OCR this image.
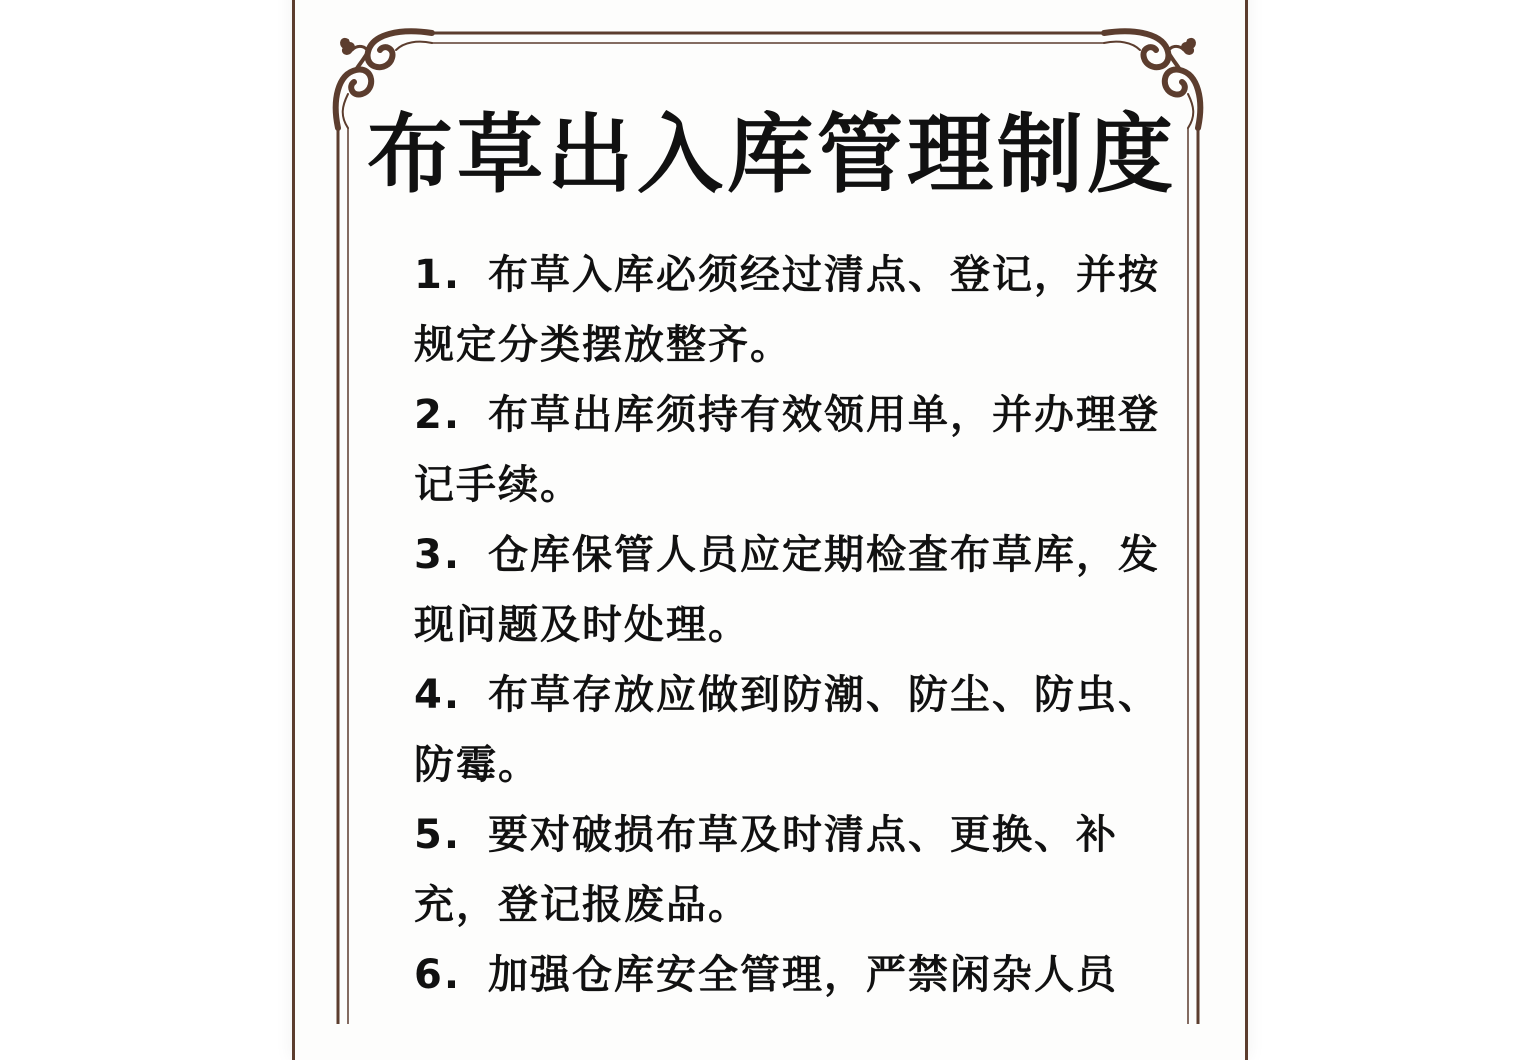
布草出入库管理制度

1. 布草入库必须经过清点、登记，并按规定分类摆放整齐。

2. 布草出库须持有效领用单，并办理登记手续。

3. 仓库保管人员应定期检查布草库，发现问题及时处理。

4. 布草存放应做到防潮、防尘、防虫、防霉。

5. 要对破损布草及时清点、更换、补充，登记报废品。

6. 加强仓库安全管理，严禁闲杂人员
